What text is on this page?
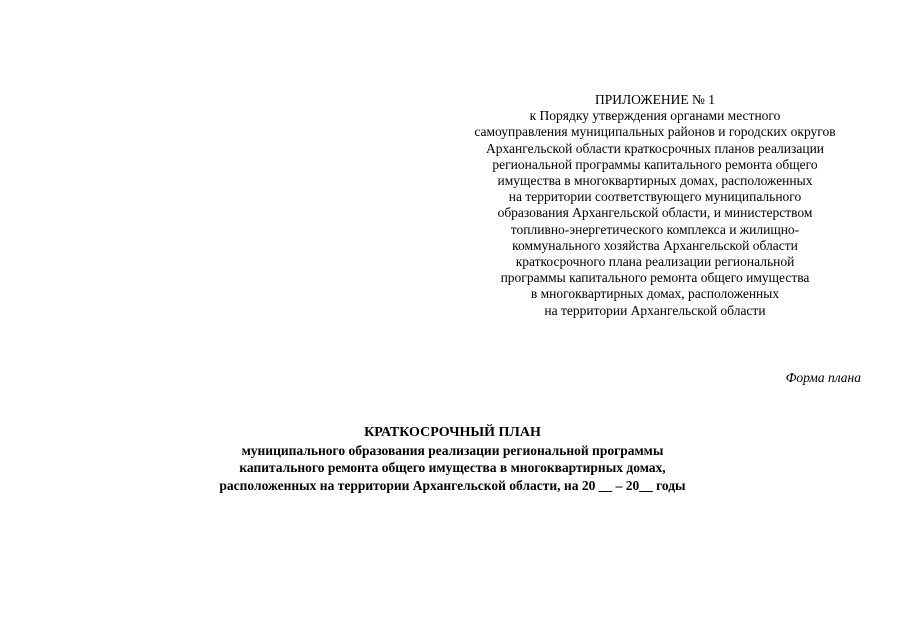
ПРИЛОЖЕНИЕ № 1
к Порядку утверждения органами местного
самоуправления муниципальных районов и городских округов
Архангельской области краткосрочных планов реализации
региональной программы капитального ремонта общего
имущества в многоквартирных домах, расположенных
на территории соответствующего муниципального
образования Архангельской области, и министерством
топливно-энергетического комплекса и жилищно-
коммунального хозяйства Архангельской области
краткосрочного плана реализации региональной
программы капитального ремонта общего имущества
в многоквартирных домах, расположенных
на территории Архангельской области
Форма плана
КРАТКОСРОЧНЫЙ ПЛАН
муниципального образования реализации региональной программы
капитального ремонта общего имущества в многоквартирных домах,
расположенных на территории Архангельской области, на 20 __ – 20__ годы
